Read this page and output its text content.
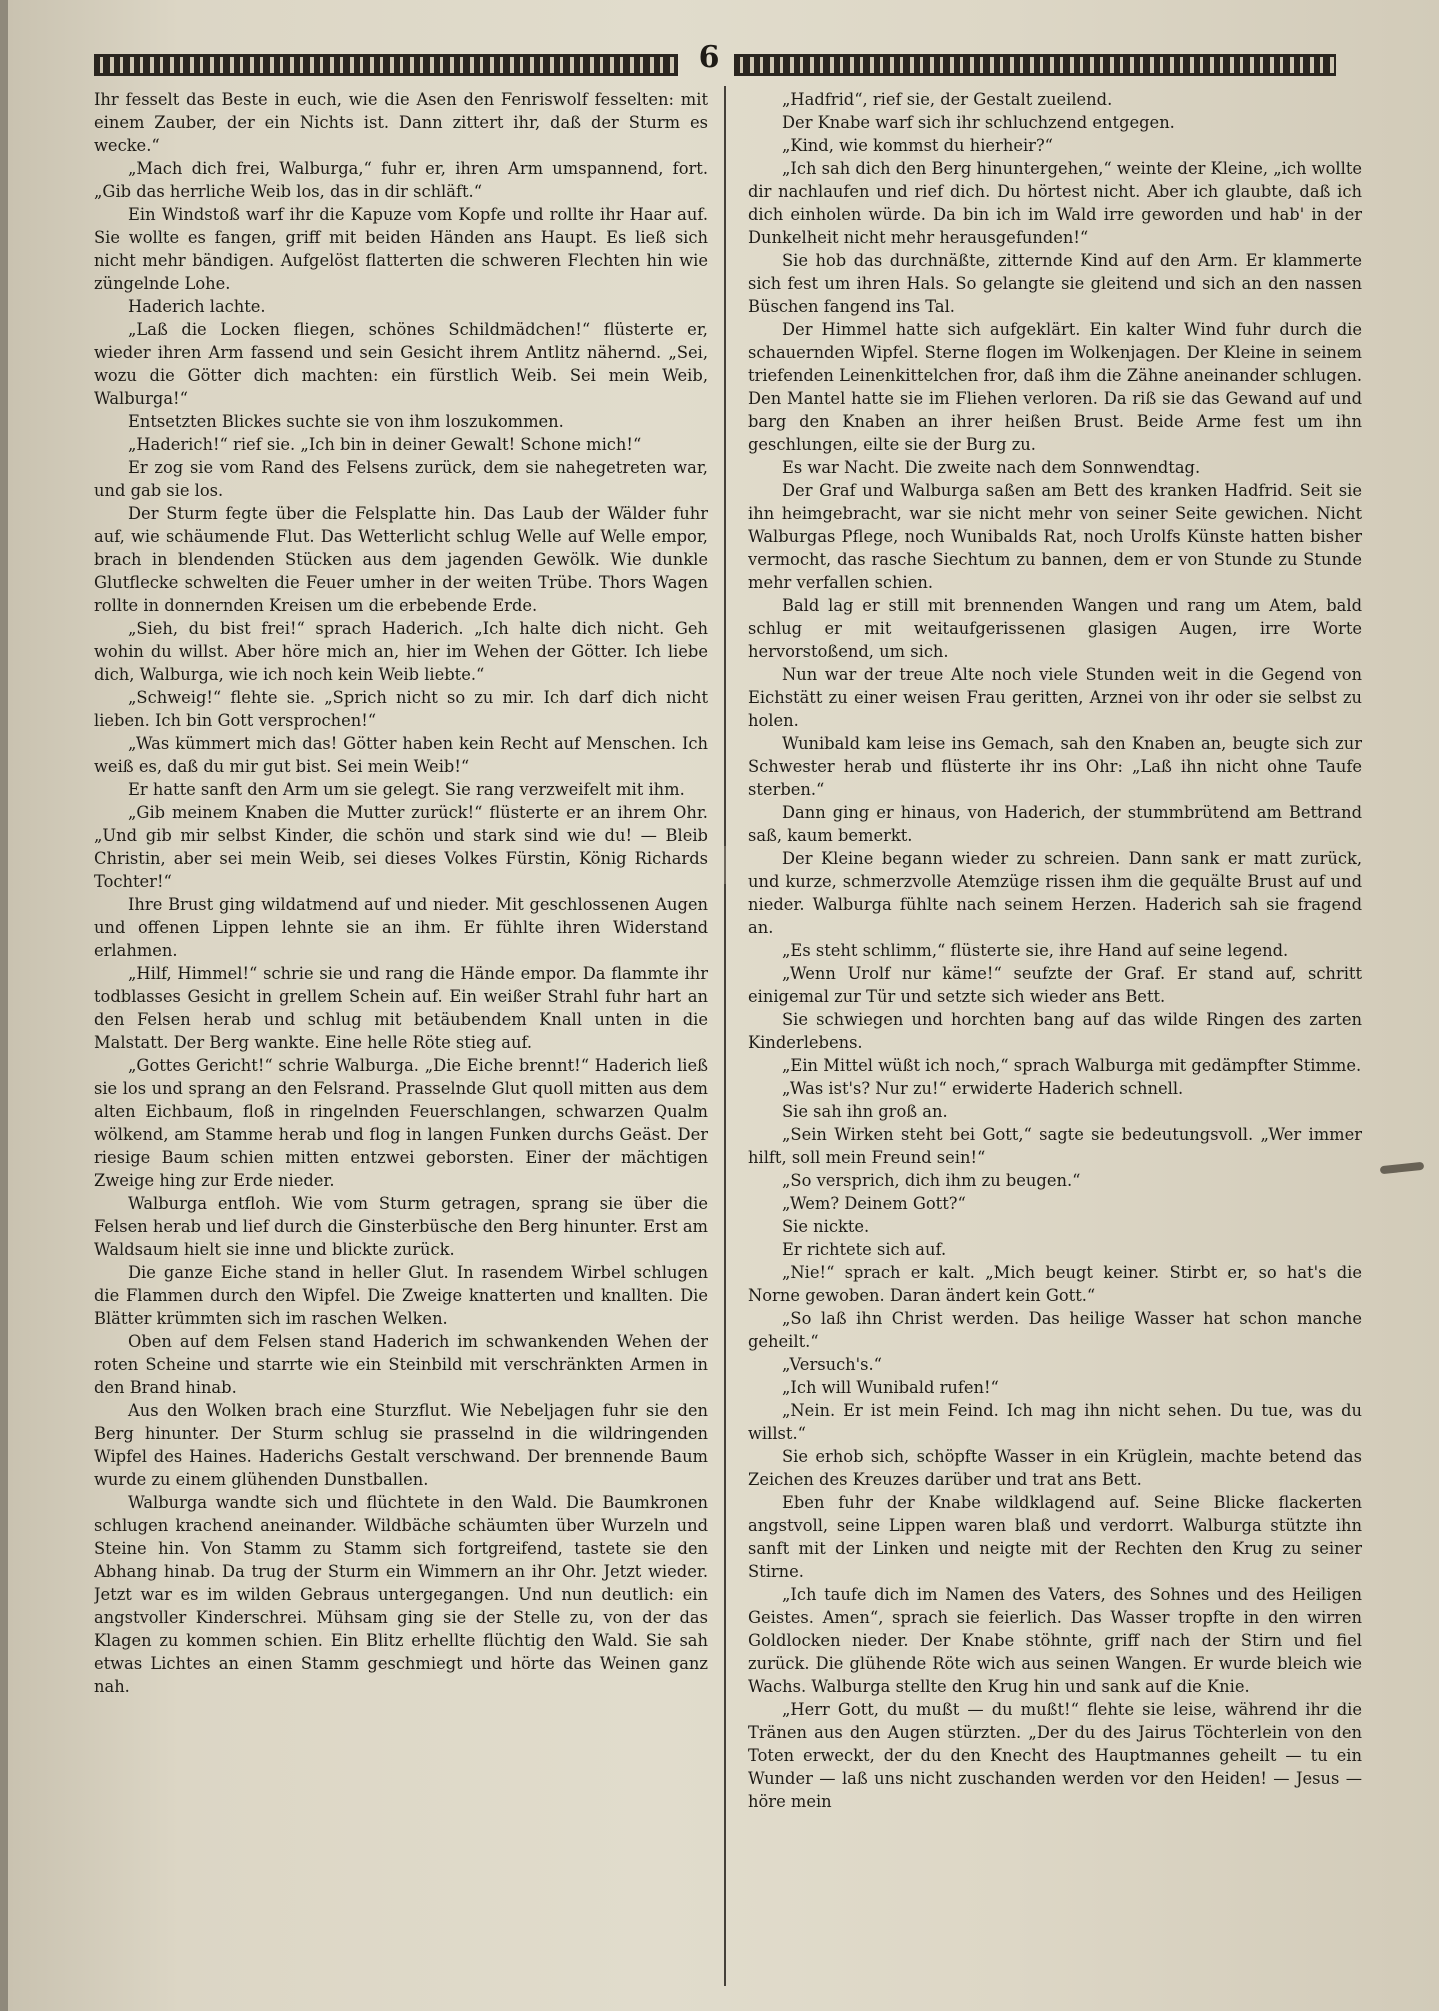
6

Ihr fesselt das Beste in euch, wie die Asen den Fenriswolf fesselten: mit einem Zauber, der ein Nichts ist. Dann zittert ihr, daß der Sturm es wecke.“

„Mach dich frei, Walburga,“ fuhr er, ihren Arm umspannend, fort. „Gib das herrliche Weib los, das in dir schläft.“

Ein Windstoß warf ihr die Kapuze vom Kopfe und rollte ihr Haar auf. Sie wollte es fangen, griff mit beiden Händen ans Haupt. Es ließ sich nicht mehr bändigen. Aufgelöst flatterten die schweren Flechten hin wie züngelnde Lohe.

Haderich lachte.

„Laß die Locken fliegen, schönes Schildmädchen!“ flüsterte er, wieder ihren Arm fassend und sein Gesicht ihrem Antlitz nähernd. „Sei, wozu die Götter dich machten: ein fürstlich Weib. Sei mein Weib, Walburga!“

Entsetzten Blickes suchte sie von ihm loszukommen.

„Haderich!“ rief sie. „Ich bin in deiner Gewalt! Schone mich!“

Er zog sie vom Rand des Felsens zurück, dem sie nahegetreten war, und gab sie los.

Der Sturm fegte über die Felsplatte hin. Das Laub der Wälder fuhr auf, wie schäumende Flut. Das Wetterlicht schlug Welle auf Welle empor, brach in blendenden Stücken aus dem jagenden Gewölk. Wie dunkle Glutflecke schwelten die Feuer umher in der weiten Trübe. Thors Wagen rollte in donnernden Kreisen um die erbebende Erde.

„Sieh, du bist frei!“ sprach Haderich. „Ich halte dich nicht. Geh wohin du willst. Aber höre mich an, hier im Wehen der Götter. Ich liebe dich, Walburga, wie ich noch kein Weib liebte.“

„Schweig!“ flehte sie. „Sprich nicht so zu mir. Ich darf dich nicht lieben. Ich bin Gott versprochen!“

„Was kümmert mich das! Götter haben kein Recht auf Menschen. Ich weiß es, daß du mir gut bist. Sei mein Weib!“

Er hatte sanft den Arm um sie gelegt. Sie rang verzweifelt mit ihm.

„Gib meinem Knaben die Mutter zurück!“ flüsterte er an ihrem Ohr. „Und gib mir selbst Kinder, die schön und stark sind wie du! — Bleib Christin, aber sei mein Weib, sei dieses Volkes Fürstin, König Richards Tochter!“

Ihre Brust ging wildatmend auf und nieder. Mit geschlossenen Augen und offenen Lippen lehnte sie an ihm. Er fühlte ihren Widerstand erlahmen.

„Hilf, Himmel!“ schrie sie und rang die Hände empor. Da flammte ihr todblasses Gesicht in grellem Schein auf. Ein weißer Strahl fuhr hart an den Felsen herab und schlug mit betäubendem Knall unten in die Malstatt. Der Berg wankte. Eine helle Röte stieg auf.

„Gottes Gericht!“ schrie Walburga. „Die Eiche brennt!“ Haderich ließ sie los und sprang an den Felsrand. Prasselnde Glut quoll mitten aus dem alten Eichbaum, floß in ringelnden Feuerschlangen, schwarzen Qualm wölkend, am Stamme herab und flog in langen Funken durchs Geäst. Der riesige Baum schien mitten entzwei geborsten. Einer der mächtigen Zweige hing zur Erde nieder.

Walburga entfloh. Wie vom Sturm getragen, sprang sie über die Felsen herab und lief durch die Ginsterbüsche den Berg hinunter. Erst am Waldsaum hielt sie inne und blickte zurück.

Die ganze Eiche stand in heller Glut. In rasendem Wirbel schlugen die Flammen durch den Wipfel. Die Zweige knatterten und knallten. Die Blätter krümmten sich im raschen Welken.

Oben auf dem Felsen stand Haderich im schwankenden Wehen der roten Scheine und starrte wie ein Steinbild mit verschränkten Armen in den Brand hinab.

Aus den Wolken brach eine Sturzflut. Wie Nebeljagen fuhr sie den Berg hinunter. Der Sturm schlug sie prasselnd in die wildringenden Wipfel des Haines. Haderichs Gestalt verschwand. Der brennende Baum wurde zu einem glühenden Dunstballen.

Walburga wandte sich und flüchtete in den Wald. Die Baumkronen schlugen krachend aneinander. Wildbäche schäumten über Wurzeln und Steine hin. Von Stamm zu Stamm sich fortgreifend, tastete sie den Abhang hinab. Da trug der Sturm ein Wimmern an ihr Ohr. Jetzt wieder. Jetzt war es im wilden Gebraus untergegangen. Und nun deutlich: ein angstvoller Kinderschrei. Mühsam ging sie der Stelle zu, von der das Klagen zu kommen schien. Ein Blitz erhellte flüchtig den Wald. Sie sah etwas Lichtes an einen Stamm geschmiegt und hörte das Weinen ganz nah.

„Hadfrid“, rief sie, der Gestalt zueilend.

Der Knabe warf sich ihr schluchzend entgegen.

„Kind, wie kommst du hierheir?“

„Ich sah dich den Berg hinuntergehen,“ weinte der Kleine, „ich wollte dir nachlaufen und rief dich. Du hörtest nicht. Aber ich glaubte, daß ich dich einholen würde. Da bin ich im Wald irre geworden und hab' in der Dunkelheit nicht mehr herausgefunden!“

Sie hob das durchnäßte, zitternde Kind auf den Arm. Er klammerte sich fest um ihren Hals. So gelangte sie gleitend und sich an den nassen Büschen fangend ins Tal.

Der Himmel hatte sich aufgeklärt. Ein kalter Wind fuhr durch die schauernden Wipfel. Sterne flogen im Wolkenjagen. Der Kleine in seinem triefenden Leinenkittelchen fror, daß ihm die Zähne aneinander schlugen. Den Mantel hatte sie im Fliehen verloren. Da riß sie das Gewand auf und barg den Knaben an ihrer heißen Brust. Beide Arme fest um ihn geschlungen, eilte sie der Burg zu.

Es war Nacht. Die zweite nach dem Sonnwendtag.

Der Graf und Walburga saßen am Bett des kranken Hadfrid. Seit sie ihn heimgebracht, war sie nicht mehr von seiner Seite gewichen. Nicht Walburgas Pflege, noch Wunibalds Rat, noch Urolfs Künste hatten bisher vermocht, das rasche Siechtum zu bannen, dem er von Stunde zu Stunde mehr verfallen schien.

Bald lag er still mit brennenden Wangen und rang um Atem, bald schlug er mit weitaufgerissenen glasigen Augen, irre Worte hervorstoßend, um sich.

Nun war der treue Alte noch viele Stunden weit in die Gegend von Eichstätt zu einer weisen Frau geritten, Arznei von ihr oder sie selbst zu holen.

Wunibald kam leise ins Gemach, sah den Knaben an, beugte sich zur Schwester herab und flüsterte ihr ins Ohr: „Laß ihn nicht ohne Taufe sterben.“

Dann ging er hinaus, von Haderich, der stummbrütend am Bettrand saß, kaum bemerkt.

Der Kleine begann wieder zu schreien. Dann sank er matt zurück, und kurze, schmerzvolle Atemzüge rissen ihm die gequälte Brust auf und nieder. Walburga fühlte nach seinem Herzen. Haderich sah sie fragend an.

„Es steht schlimm,“ flüsterte sie, ihre Hand auf seine legend.

„Wenn Urolf nur käme!“ seufzte der Graf. Er stand auf, schritt einigemal zur Tür und setzte sich wieder ans Bett.

Sie schwiegen und horchten bang auf das wilde Ringen des zarten Kinderlebens.

„Ein Mittel wüßt ich noch,“ sprach Walburga mit gedämpfter Stimme.

„Was ist's? Nur zu!“ erwiderte Haderich schnell.

Sie sah ihn groß an.

„Sein Wirken steht bei Gott,“ sagte sie bedeutungsvoll. „Wer immer hilft, soll mein Freund sein!“

„So versprich, dich ihm zu beugen.“

„Wem? Deinem Gott?“

Sie nickte.

Er richtete sich auf.

„Nie!“ sprach er kalt. „Mich beugt keiner. Stirbt er, so hat's die Norne gewoben. Daran ändert kein Gott.“

„So laß ihn Christ werden. Das heilige Wasser hat schon manche geheilt.“

„Versuch's.“

„Ich will Wunibald rufen!“

„Nein. Er ist mein Feind. Ich mag ihn nicht sehen. Du tue, was du willst.“

Sie erhob sich, schöpfte Wasser in ein Krüglein, machte betend das Zeichen des Kreuzes darüber und trat ans Bett.

Eben fuhr der Knabe wildklagend auf. Seine Blicke flackerten angstvoll, seine Lippen waren blaß und verdorrt. Walburga stützte ihn sanft mit der Linken und neigte mit der Rechten den Krug zu seiner Stirne.

„Ich taufe dich im Namen des Vaters, des Sohnes und des Heiligen Geistes. Amen“, sprach sie feierlich. Das Wasser tropfte in den wirren Goldlocken nieder. Der Knabe stöhnte, griff nach der Stirn und fiel zurück. Die glühende Röte wich aus seinen Wangen. Er wurde bleich wie Wachs. Walburga stellte den Krug hin und sank auf die Knie.

„Herr Gott, du mußt — du mußt!“ flehte sie leise, während ihr die Tränen aus den Augen stürzten. „Der du des Jairus Töchterlein von den Toten erweckt, der du den Knecht des Hauptmannes geheilt — tu ein Wunder — laß uns nicht zuschanden werden vor den Heiden! — Jesus — höre mein
